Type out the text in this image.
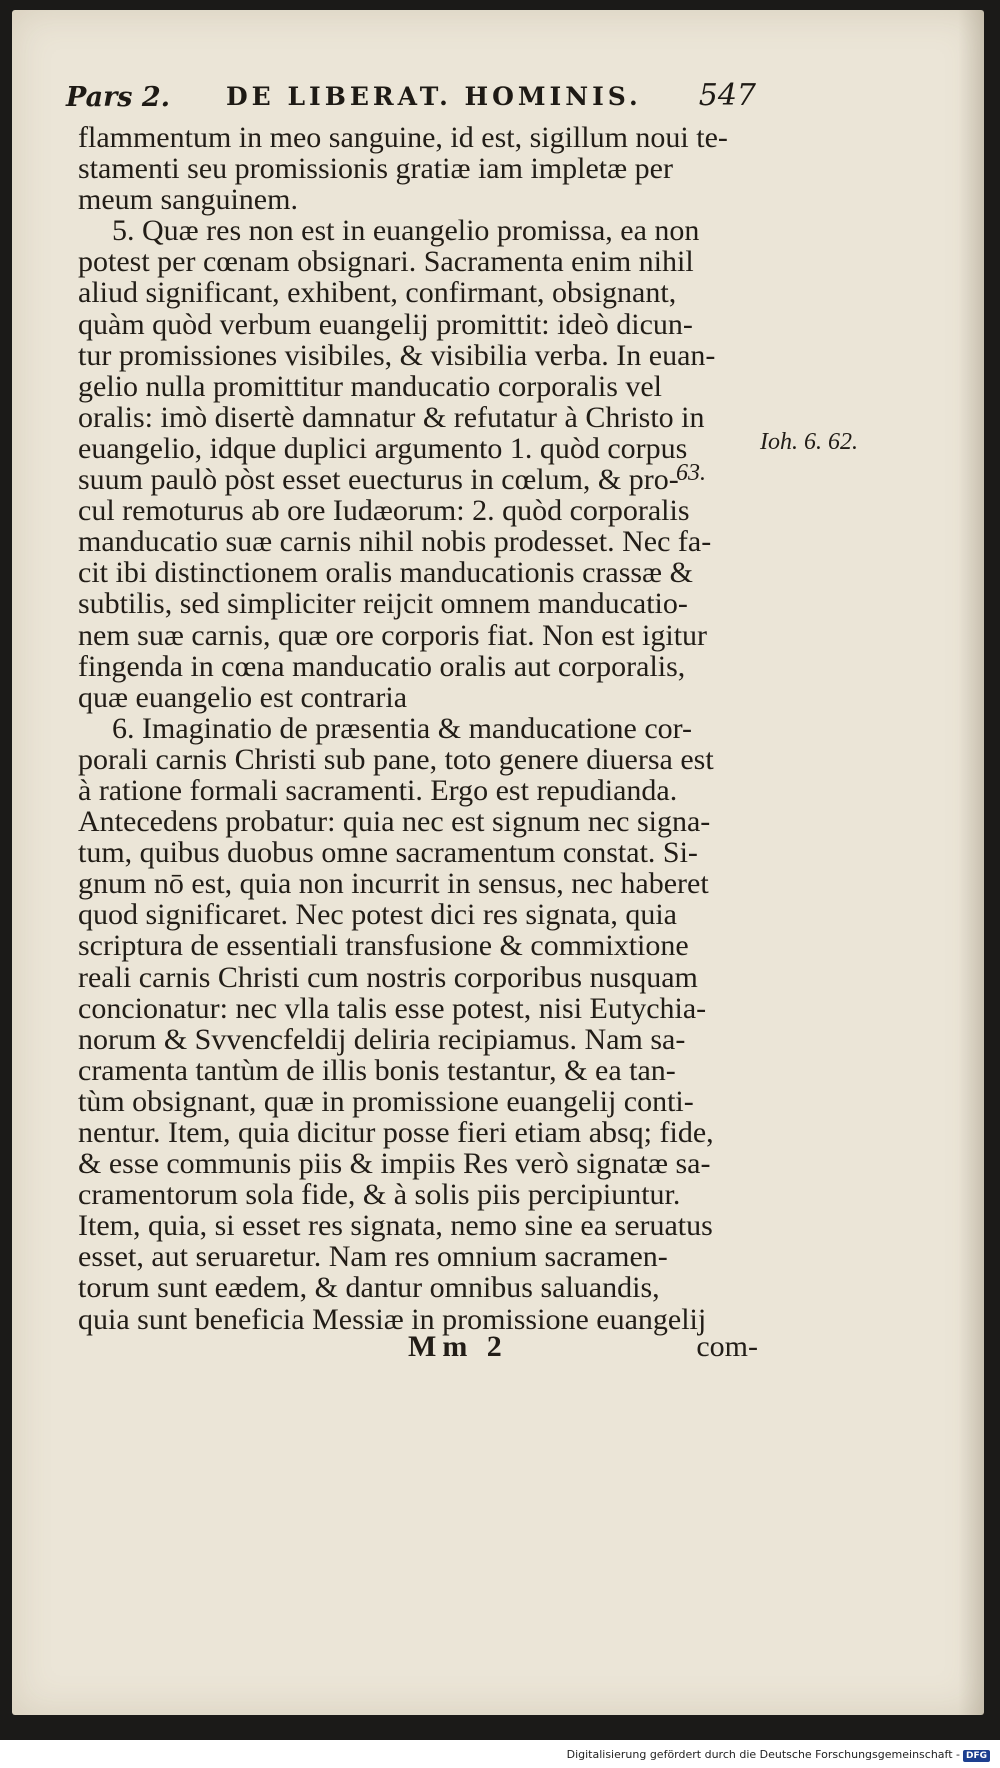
Pars 2. DE LIBERAT. HOMINIS. 547
flammentum in meo sanguine, id est, sigillum noui te-
stamenti seu promissionis gratiæ iam impletæ per
meum sanguinem.
5. Quæ res non est in euangelio promissa, ea non
potest per cœnam obsignari. Sacramenta enim nihil
aliud significant, exhibent, confirmant, obsignant,
quàm quòd verbum euangelij promittit: ideò dicun-
tur promissiones visibiles, & visibilia verba. In euan-
gelio nulla promittitur manducatio corporalis vel
oralis: imò disertè damnatur & refutatur à Christo in
euangelio, idque duplici argumento 1. quòd corpus
suum paulò pòst esset euecturus in cœlum, & pro-
cul remoturus ab ore Iudæorum: 2. quòd corporalis
manducatio suæ carnis nihil nobis prodesset. Nec fa-
cit ibi distinctionem oralis manducationis crassæ &
subtilis, sed simpliciter reijcit omnem manducatio-
nem suæ carnis, quæ ore corporis fiat. Non est igitur
fingenda in cœna manducatio oralis aut corporalis,
quæ euangelio est contraria
6. Imaginatio de præsentia & manducatione cor-
porali carnis Christi sub pane, toto genere diuersa est
à ratione formali sacramenti. Ergo est repudianda.
Antecedens probatur: quia nec est signum nec signa-
tum, quibus duobus omne sacramentum constat. Si-
gnum nō est, quia non incurrit in sensus, nec haberet
quod significaret. Nec potest dici res signata, quia
scriptura de essentiali transfusione & commixtione
reali carnis Christi cum nostris corporibus nusquam
concionatur: nec vlla talis esse potest, nisi Eutychia-
norum & Svvencfeldij deliria recipiamus. Nam sa-
cramenta tantùm de illis bonis testantur, & ea tan-
tùm obsignant, quæ in promissione euangelij conti-
nentur. Item, quia dicitur posse fieri etiam absq; fide,
& esse communis piis & impiis Res verò signatæ sa-
cramentorum sola fide, & à solis piis percipiuntur.
Item, quia, si esset res signata, nemo sine ea seruatus
esset, aut seruaretur. Nam res omnium sacramen-
torum sunt eædem, & dantur omnibus saluandis,
quia sunt beneficia Messiæ in promissione euangelij
Ioh. 6. 62.
63.
Mm 2	com-
Digitalisierung gefördert durch die Deutsche Forschungsgemeinschaft - DFG
